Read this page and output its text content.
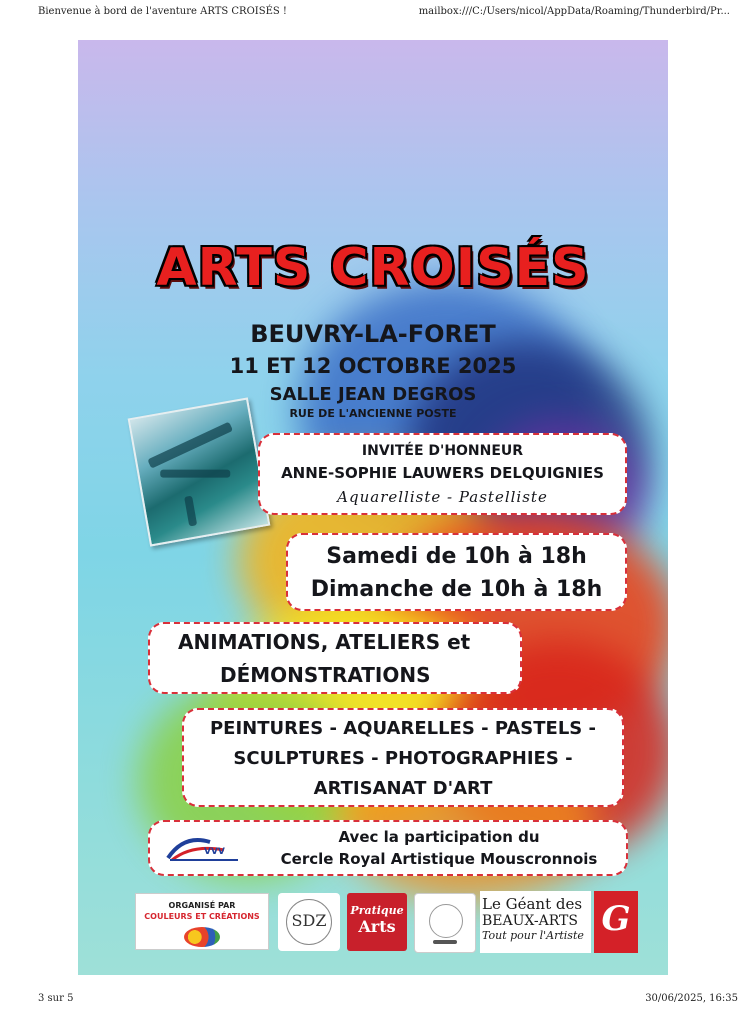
Bienvenue à bord de l'aventure ARTS CROISÉS !	mailbox:///C:/Users/nicol/AppData/Roaming/Thunderbird/Pr...
ARTS CROISÉS
BEUVRY-LA-FORET
11 ET 12 OCTOBRE 2025
SALLE JEAN DEGROS
RUE DE L'ANCIENNE POSTE
INVITÉE D'HONNEUR
ANNE-SOPHIE LAUWERS DELQUIGNIES
Aquarelliste - Pastelliste
Samedi de 10h à 18h
Dimanche de 10h à 18h
ANIMATIONS, ATELIERS et
DÉMONSTRATIONS
PEINTURES - AQUARELLES - PASTELS -
SCULPTURES - PHOTOGRAPHIES -
ARTISANAT D'ART
VVV
Avec la participation du
Cercle Royal Artistique Mouscronnois
ORGANISÉ PAR
COULEURS ET CRÉATIONS	SDZ
Pratique
Arts
Le Géant des
BEAUX-ARTS
Tout pour l'Artiste G
3 sur 5	30/06/2025, 16:35
